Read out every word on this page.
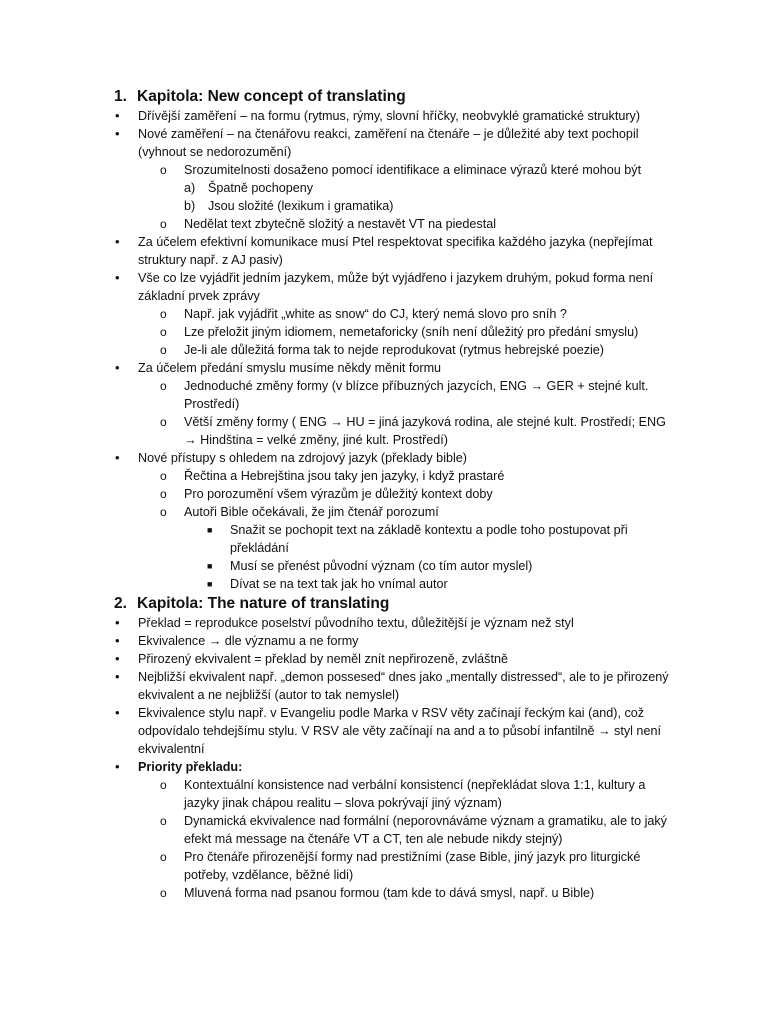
1. Kapitola: New concept of translating
• Dřívější zaměření – na formu (rytmus, rýmy, slovní hříčky, neobvyklé gramatické struktury)
• Nové zaměření – na čtenářovu reakci, zaměření na čtenáře – je důležité aby text pochopil (vyhnout se nedorozumění)
o Srozumitelnosti dosaženo pomocí identifikace a eliminace výrazů které mohou být
a) Špatně pochopeny
b) Jsou složité (lexikum i gramatika)
o Nedělat text zbytečně složitý a nestavět VT na piedestal
• Za účelem efektivní komunikace musí Ptel respektovat specifika každého jazyka (nepřejímat struktury např. z AJ pasiv)
• Vše co lze vyjádřit jedním jazykem, může být vyjádřeno i jazykem druhým, pokud forma není základní prvek zprávy
o Např. jak vyjádřit „white as snow“ do CJ, který nemá slovo pro sníh ?
o Lze přeložit jiným idiomem, nemetaforicky (sníh není důležitý pro předání smyslu)
o Je-li ale důležitá forma tak to nejde reprodukovat (rytmus hebrejské poezie)
• Za účelem předání smyslu musíme někdy měnit formu
o Jednoduché změny formy (v blízce příbuzných jazycích, ENG → GER + stejné kult. Prostředí)
o Větší změny formy ( ENG → HU = jiná jazyková rodina, ale stejné kult. Prostředí; ENG → Hindština = velké změny, jiné kult. Prostředí)
• Nové přístupy s ohledem na zdrojový jazyk (překlady bible)
o Řečtina a Hebrejština jsou taky jen jazyky, i když prastaré
o Pro porozumění všem výrazům je důležitý kontext doby
o Autoři Bible očekávali, že jim čtenář porozumí
■ Snažit se pochopit text na základě kontextu a podle toho postupovat při překládání
■ Musí se přenést původní význam (co tím autor myslel)
■ Dívat se na text tak jak ho vnímal autor
2. Kapitola: The nature of translating
• Překlad = reprodukce poselství původního textu, důležitější je význam než styl
• Ekvivalence → dle významu a ne formy
• Přirozený ekvivalent = překlad by neměl znít nepřirozeně, zvláštně
• Nejbližší ekvivalent např. „demon possesed“ dnes jako „mentally distressed“, ale to je přirozený ekvivalent a ne nejbližší (autor to tak nemyslel)
• Ekvivalence stylu např. v Evangeliu podle Marka v RSV věty začínají řeckým kai (and), což odpovídalo tehdejšímu stylu. V RSV ale věty začínají na and a to působí infantilně → styl není ekvivalentní
• Priority překladu:
o Kontextuální konsistence nad verbální konsistencí (nepřekládat slova 1:1, kultury a jazyky jinak chápou realitu – slova pokrývají jiný význam)
o Dynamická ekvivalence nad formální (neporovnáváme význam a gramatiku, ale to jaký efekt má message na čtenáře VT a CT, ten ale nebude nikdy stejný)
o Pro čtenáře přirozenější formy nad prestižními (zase Bible, jiný jazyk pro liturgické potřeby, vzdělance, běžné lidi)
o Mluvená forma nad psanou formou (tam kde to dává smysl, např. u Bible)
